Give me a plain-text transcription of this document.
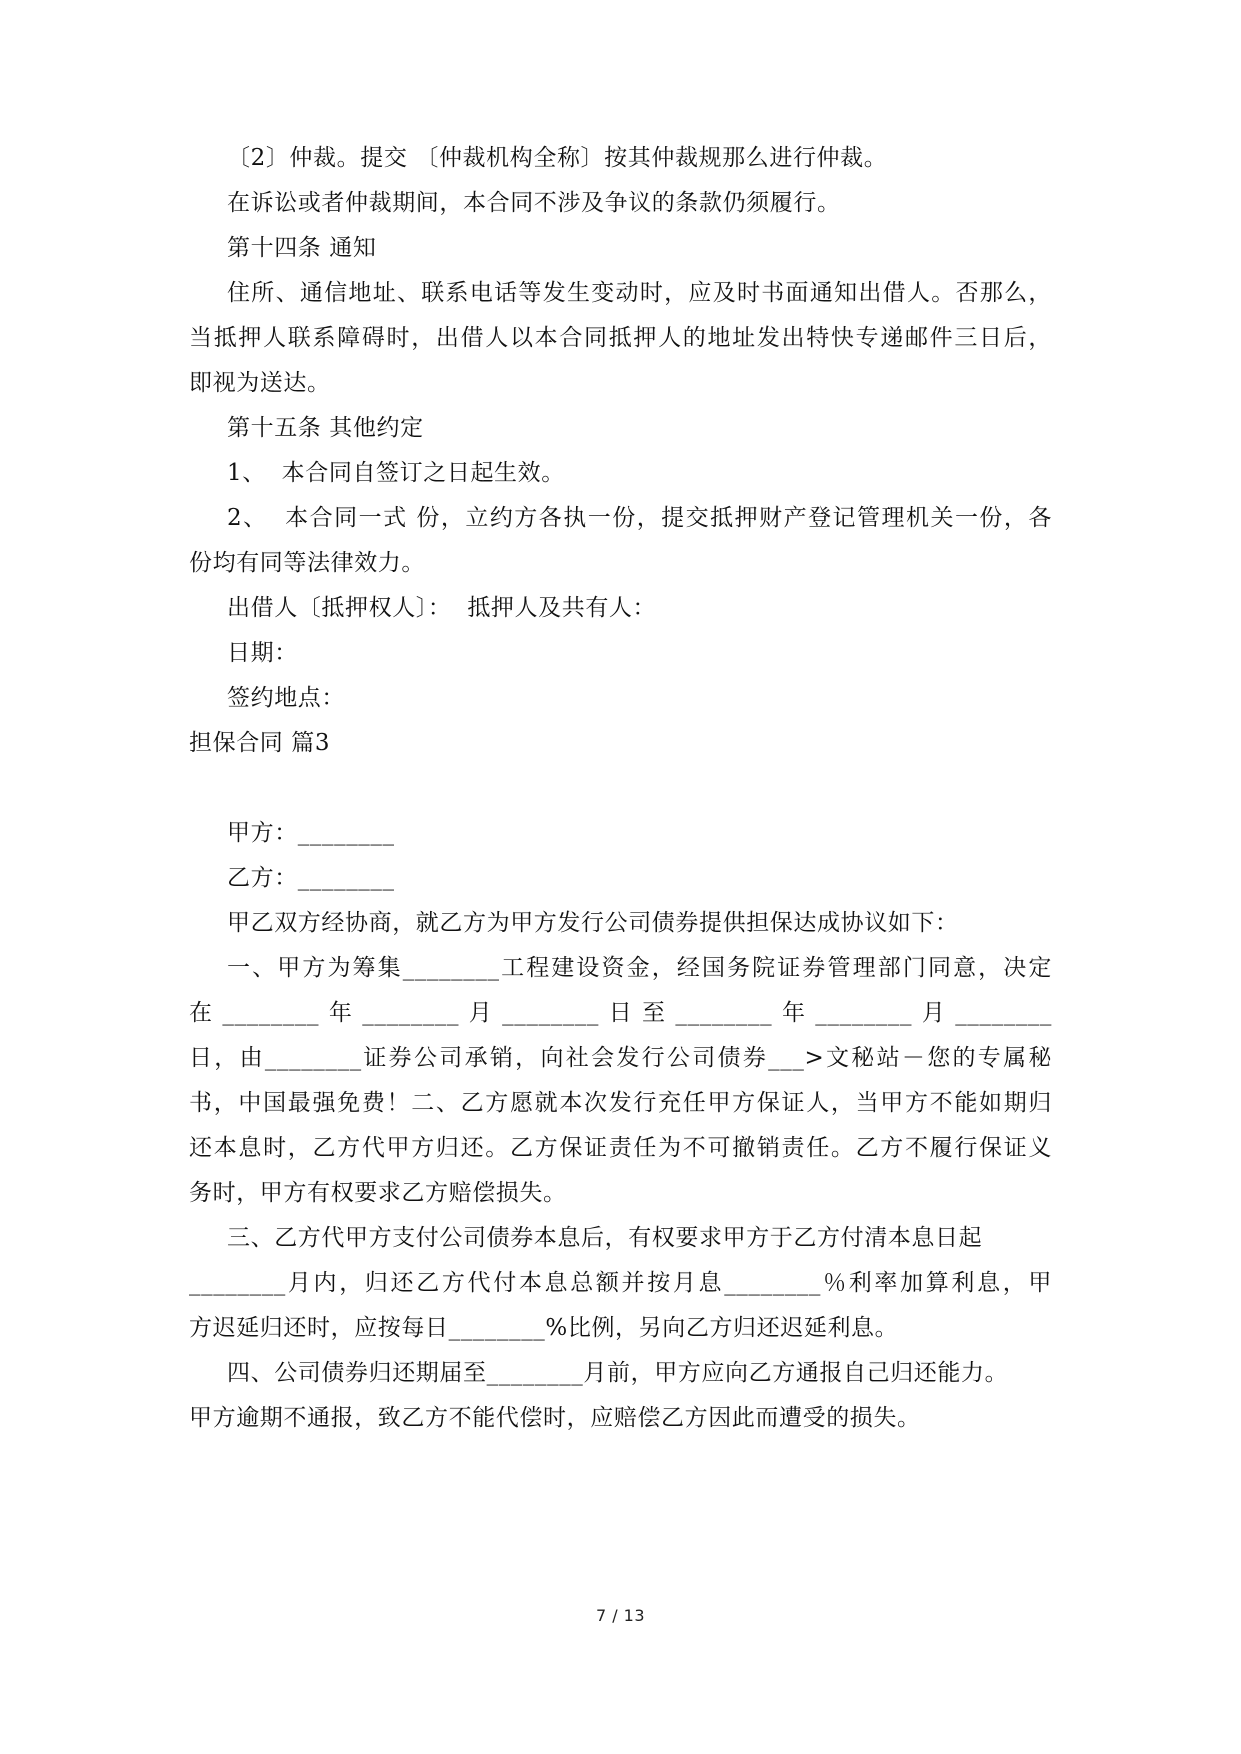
〔2〕仲裁。提交 〔仲裁机构全称〕按其仲裁规那么进行仲裁。
在诉讼或者仲裁期间，本合同不涉及争议的条款仍须履行。
第十四条 通知
住所、通信地址、联系电话等发生变动时，应及时书面通知出借人。否那么，
当抵押人联系障碍时，出借人以本合同抵押人的地址发出特快专递邮件三日后，
即视为送达。
第十五条 其他约定
1、  本合同自签订之日起生效。
2、  本合同一式 份，立约方各执一份，提交抵押财产登记管理机关一份，各
份均有同等法律效力。
出借人〔抵押权人〕：  抵押人及共有人：
日期：
签约地点：
担保合同 篇3
甲方：________
乙方：________
甲乙双方经协商，就乙方为甲方发行公司债券提供担保达成协议如下：
一、甲方为筹集________工程建设资金，经国务院证券管理部门同意，决定
在________年________月________日至________年________月________
日，由________证券公司承销，向社会发行公司债券___>文秘站－您的专属秘
书，中国最强免费！二、乙方愿就本次发行充任甲方保证人，当甲方不能如期归
还本息时，乙方代甲方归还。乙方保证责任为不可撤销责任。乙方不履行保证义
务时，甲方有权要求乙方赔偿损失。
三、乙方代甲方支付公司债券本息后，有权要求甲方于乙方付清本息日起
________月内，归还乙方代付本息总额并按月息________％利率加算利息，甲
方迟延归还时，应按每日________%比例，另向乙方归还迟延利息。
四、公司债券归还期届至________月前，甲方应向乙方通报自己归还能力。
甲方逾期不通报，致乙方不能代偿时，应赔偿乙方因此而遭受的损失。
7 / 13
